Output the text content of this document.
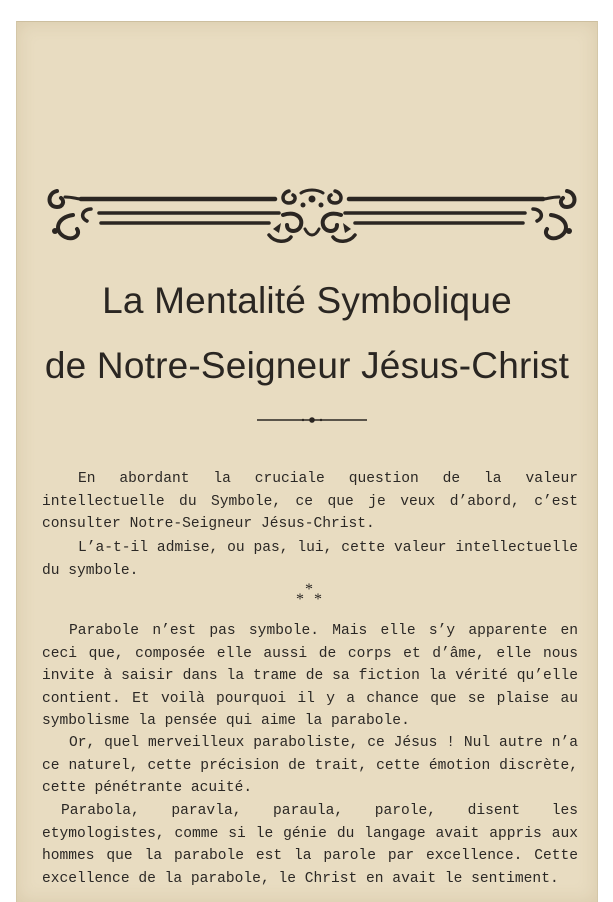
La Mentalité Symbolique
de Notre-Seigneur Jésus-Christ

En abordant la cruciale question de la valeur intellectuelle du Symbole, ce que je veux d’abord, c’est consulter Notre-Seigneur Jésus-Christ.

L’a-t-il admise, ou pas, lui, cette valeur intellectuelle du symbole.

*
* *

Parabole n’est pas symbole. Mais elle s’y apparente en ceci que, composée elle aussi de corps et d’âme, elle nous invite à saisir dans la trame de sa fiction la vérité qu’elle contient. Et voilà pourquoi il y a chance que se plaise au symbolisme la pensée qui aime la parabole.

Or, quel merveilleux paraboliste, ce Jésus ! Nul autre n’a ce naturel, cette précision de trait, cette émotion discrète, cette pénétrante acuité.

Parabola, paravla, paraula, parole, disent les etymologistes, comme si le génie du langage avait appris aux hommes que la parabole est la parole par excellence. Cette excellence de la parabole, le Christ en avait le sentiment.
